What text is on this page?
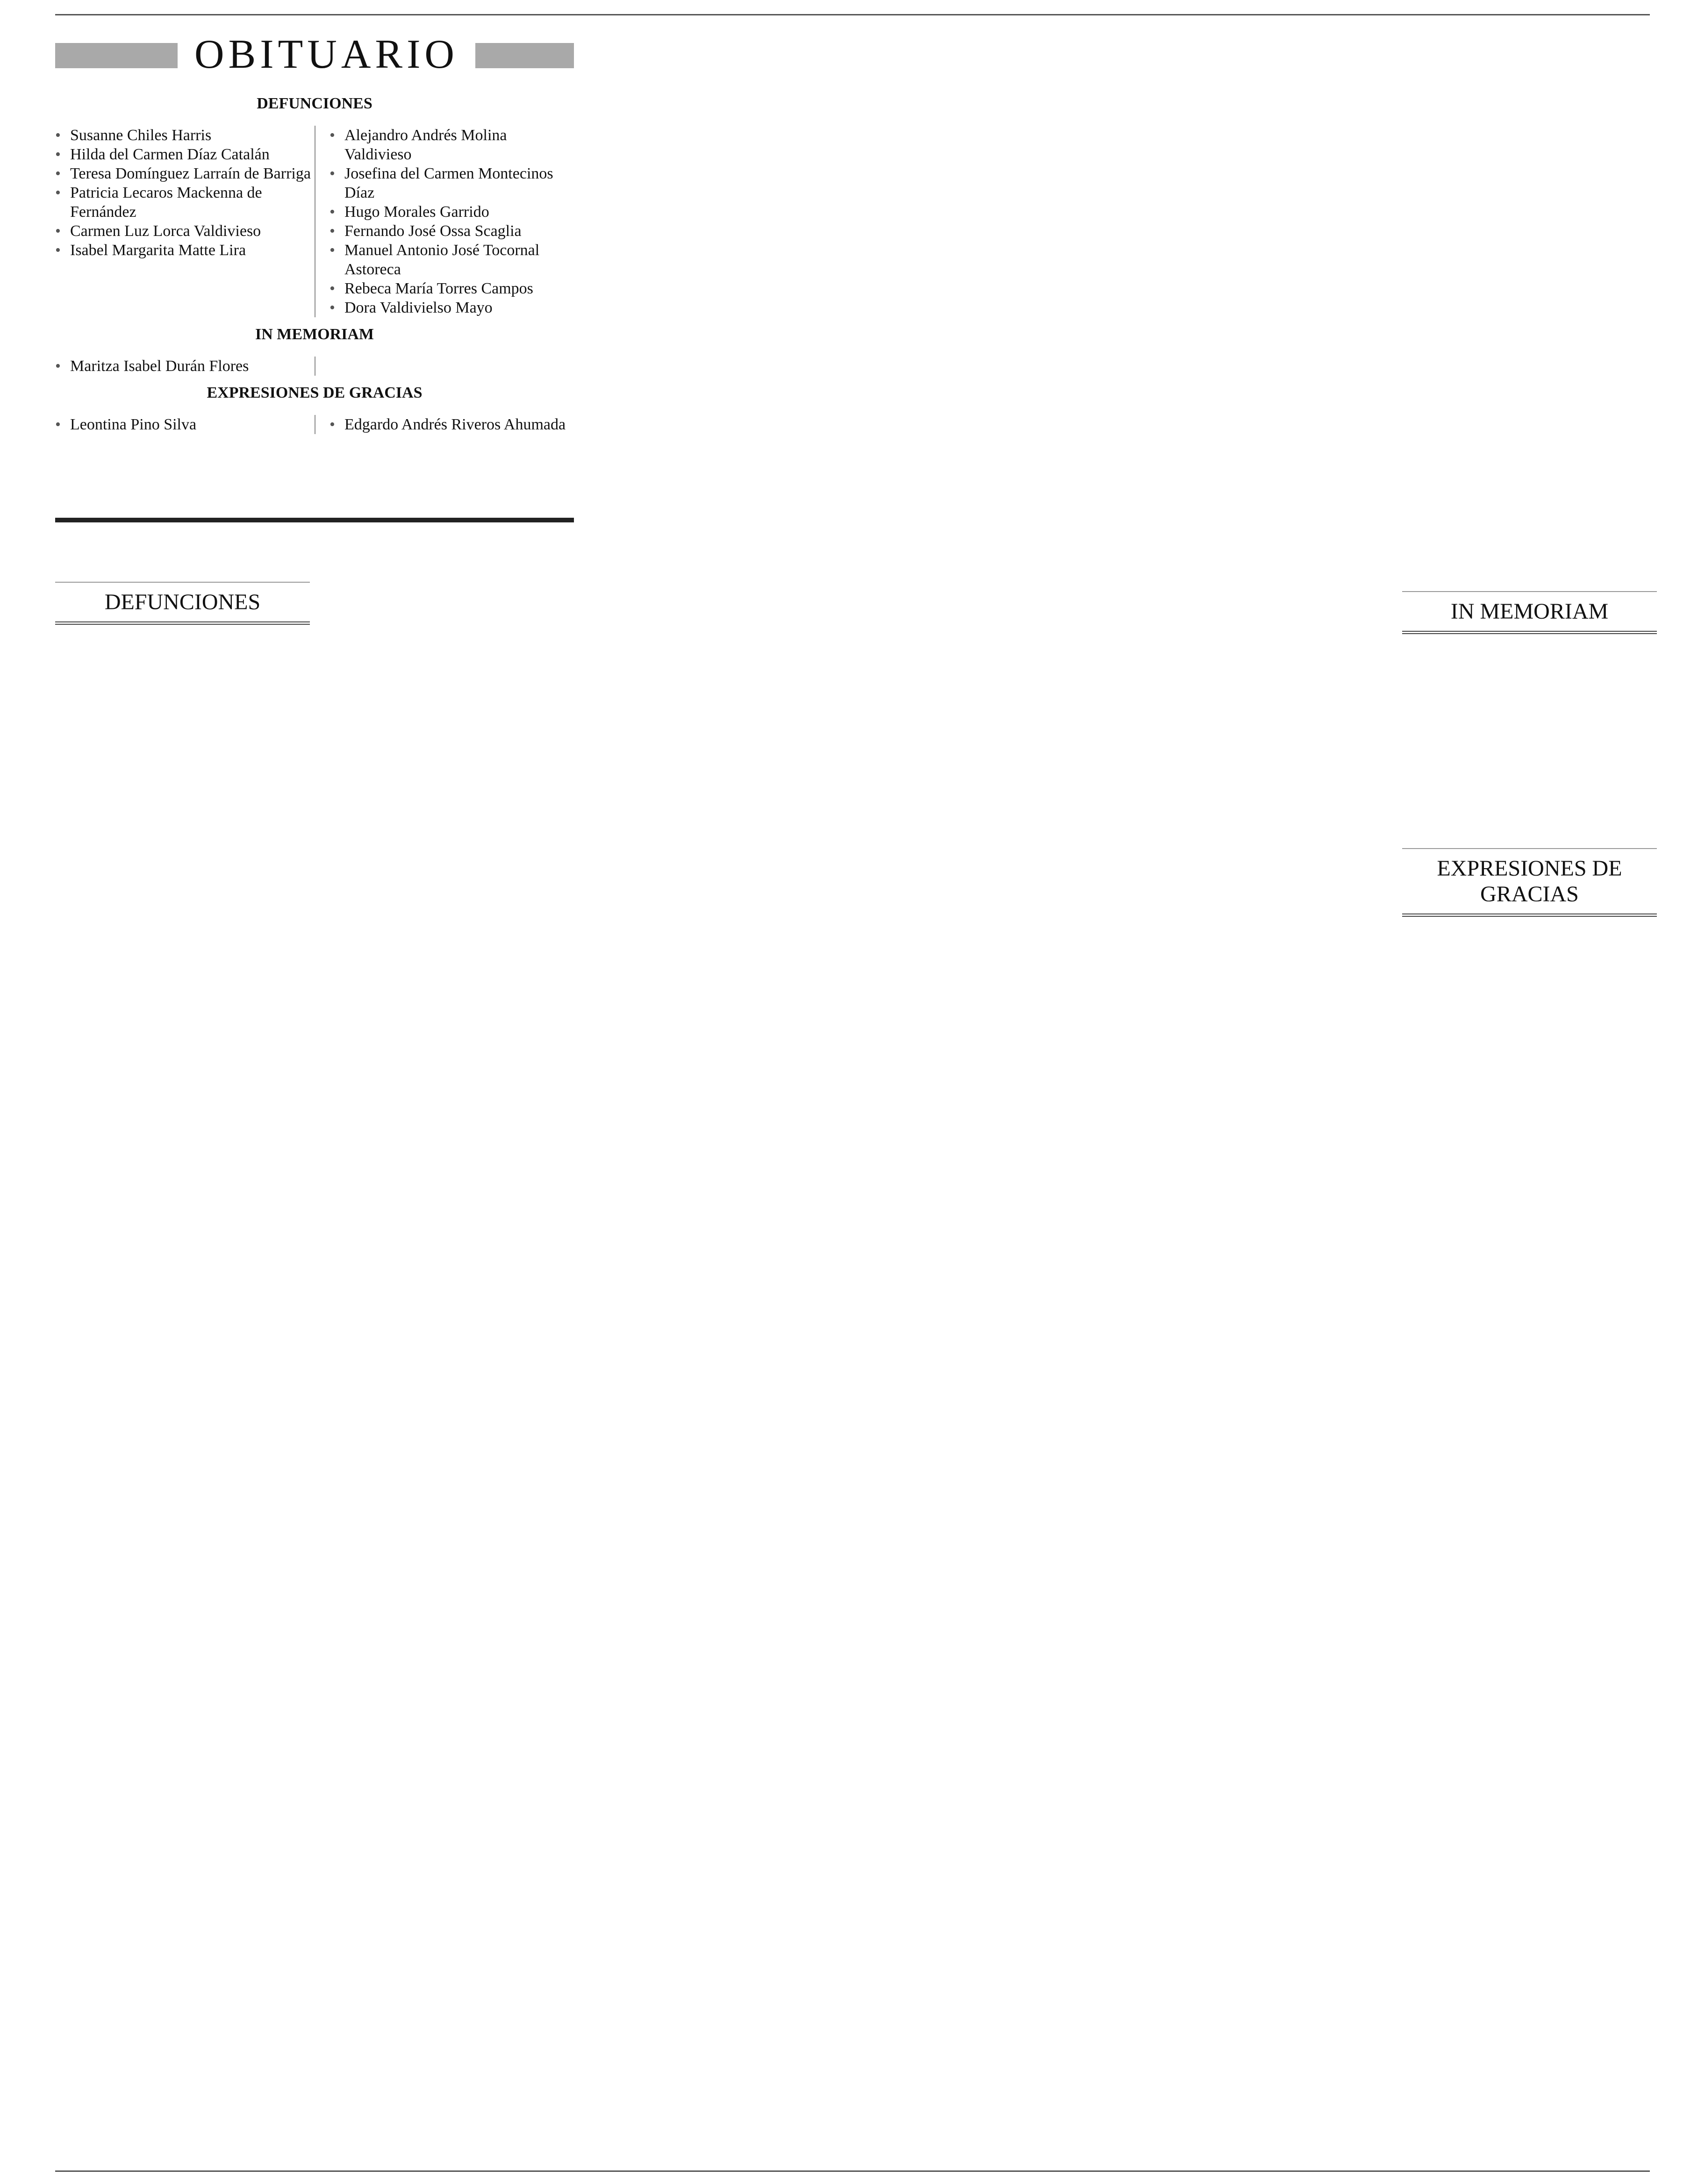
OBITUARIO
DEFUNCIONES
• Susanne Chiles Harris
• Hilda del Carmen Díaz Catalán
• Teresa Domínguez Larraín de Barriga
• Patricia Lecaros Mackenna de Fernández
• Carmen Luz Lorca Valdivieso
• Isabel Margarita Matte Lira
• Alejandro Andrés Molina Valdivieso
• Josefina del Carmen Montecinos Díaz
• Hugo Morales Garrido
• Fernando José Ossa Scaglia
• Manuel Antonio José Tocornal Astoreca
• Rebeca María Torres Campos
• Dora Valdivielso Mayo
IN MEMORIAM
• Maritza Isabel Durán Flores
EXPRESIONES DE GRACIAS
• Leontina Pino Silva
•	Edgardo Andrés Riveros Ahumada
DEFUNCIONES	IN MEMORIAM
EXPRESIONES DE GRACIAS
